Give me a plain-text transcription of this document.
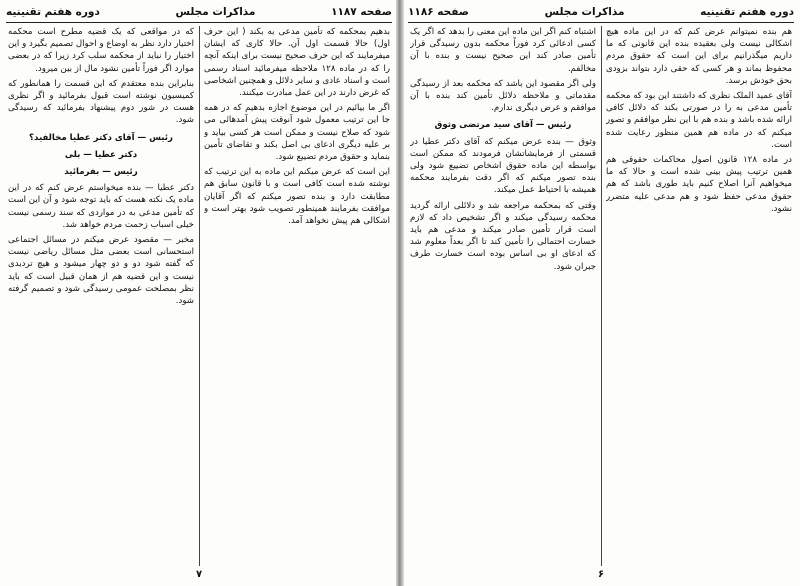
صفحه ۱۱۸۷
مذاکرات مجلس
دوره هفتم تقنینیه

بدهیم بمحکمه که تأمین مدعی به بکند ( این حرف اول) حالا قسمت اول آن. حالا کاری که ایشان میفرمایند که این حرف صحیح نیست برای اینکه آنچه را که در ماده ۱۲۸ ملاحظه میفرمائید اسناد رسمی است و اسناد عادی و سایر دلائل و همچنین اشخاصی که غرض دارند در این عمل مبادرت میکنند.

اگر ما بیائیم در این موضوع اجازه بدهیم که در همه جا این ترتیب معمول شود آنوقت پیش آمدهائی می شود که صلاح نیست و ممکن است هر کسی بیاید و بر علیه دیگری ادعای بی اصل بکند و تقاضای تأمین بنماید و حقوق مردم تضییع شود.

این است که عرض میکنم این ماده به این ترتیب که نوشته شده است کافی است و با قانون سابق هم مطابقت دارد و بنده تصور میکنم که اگر آقایان موافقت بفرمایند همینطور تصویب شود بهتر است و اشکالی هم پیش نخواهد آمد.

که در مواقعی که یک قضیه مطرح است محکمه اختیار دارد نظر به اوضاع و احوال تصمیم بگیرد و این اختیار را نباید از محکمه سلب کرد زیرا که در بعضی موارد اگر فوراً تأمین نشود مال از بین میرود.

بنابراین بنده معتقدم که این قسمت را همانطور که کمیسیون نوشته است قبول بفرمائید و اگر نظری هست در شور دوم پیشنهاد بفرمائید که رسیدگی شود.

رئیس — آقای دکتر عطیا مخالفید؟
دکتر عطیا — بلی
رئیس — بفرمائید

دکتر عطیا — بنده میخواستم عرض کنم که در این ماده یک نکته هست که باید توجه شود و آن این است که تأمین مدعی به در مواردی که سند رسمی نیست خیلی اسباب زحمت مردم خواهد شد.

مخبر — مقصود عرض میکنم در مسائل اجتماعی استحسانی است بعضی مثل مسائل ریاضی نیست که گفته شود دو و دو چهار میشود و هیچ تردیدی نیست و این قضیه هم از همان قبیل است که باید نظر بمصلحت عمومی رسیدگی شود و تصمیم گرفته شود.

۷
دوره هفتم تقنینیه
مذاکرات مجلس
صفحه ۱۱۸۶

هم بنده نمیتوانم عرض کنم که در این ماده هیچ اشکالی نیست ولی بعقیده بنده این قانونی که ما داریم میگذرانیم برای این است که حقوق مردم محفوظ بماند و هر کسی که حقی دارد بتواند بزودی بحق خودش برسد.

آقای عمید الملک نظری که داشتند این بود که محکمه تأمین مدعی به را در صورتی بکند که دلائل کافی ارائه شده باشد و بنده هم با این نظر موافقم و تصور میکنم که در ماده هم همین منظور رعایت شده است.

در ماده ۱۲۸ قانون اصول محاکمات حقوقی هم همین ترتیب پیش بینی شده است و حالا که ما میخواهیم آنرا اصلاح کنیم باید طوری باشد که هم حقوق مدعی حفظ شود و هم مدعی علیه متضرر نشود.

اشتباه کنم اگر این ماده این معنی را بدهد که اگر یک کسی ادعائی کرد فوراً محکمه بدون رسیدگی قرار تأمین صادر کند این صحیح نیست و بنده با آن مخالفم.

ولی اگر مقصود این باشد که محکمه بعد از رسیدگی مقدماتی و ملاحظه دلائل تأمین کند بنده با آن موافقم و عرض دیگری ندارم.

رئیس — آقای سید مرتضی وثوق

وثوق — بنده عرض میکنم که آقای دکتر عطیا در قسمتی از فرمایشاتشان فرمودند که ممکن است بواسطه این ماده حقوق اشخاص تضییع شود ولی بنده تصور میکنم که اگر دقت بفرمایند محکمه همیشه با احتیاط عمل میکند.

وقتی که بمحکمه مراجعه شد و دلائلی ارائه گردید محکمه رسیدگی میکند و اگر تشخیص داد که لازم است قرار تأمین صادر میکند و مدعی هم باید خسارت احتمالی را تأمین کند تا اگر بعداً معلوم شد که ادعای او بی اساس بوده است خسارت طرف جبران شود.

۶
